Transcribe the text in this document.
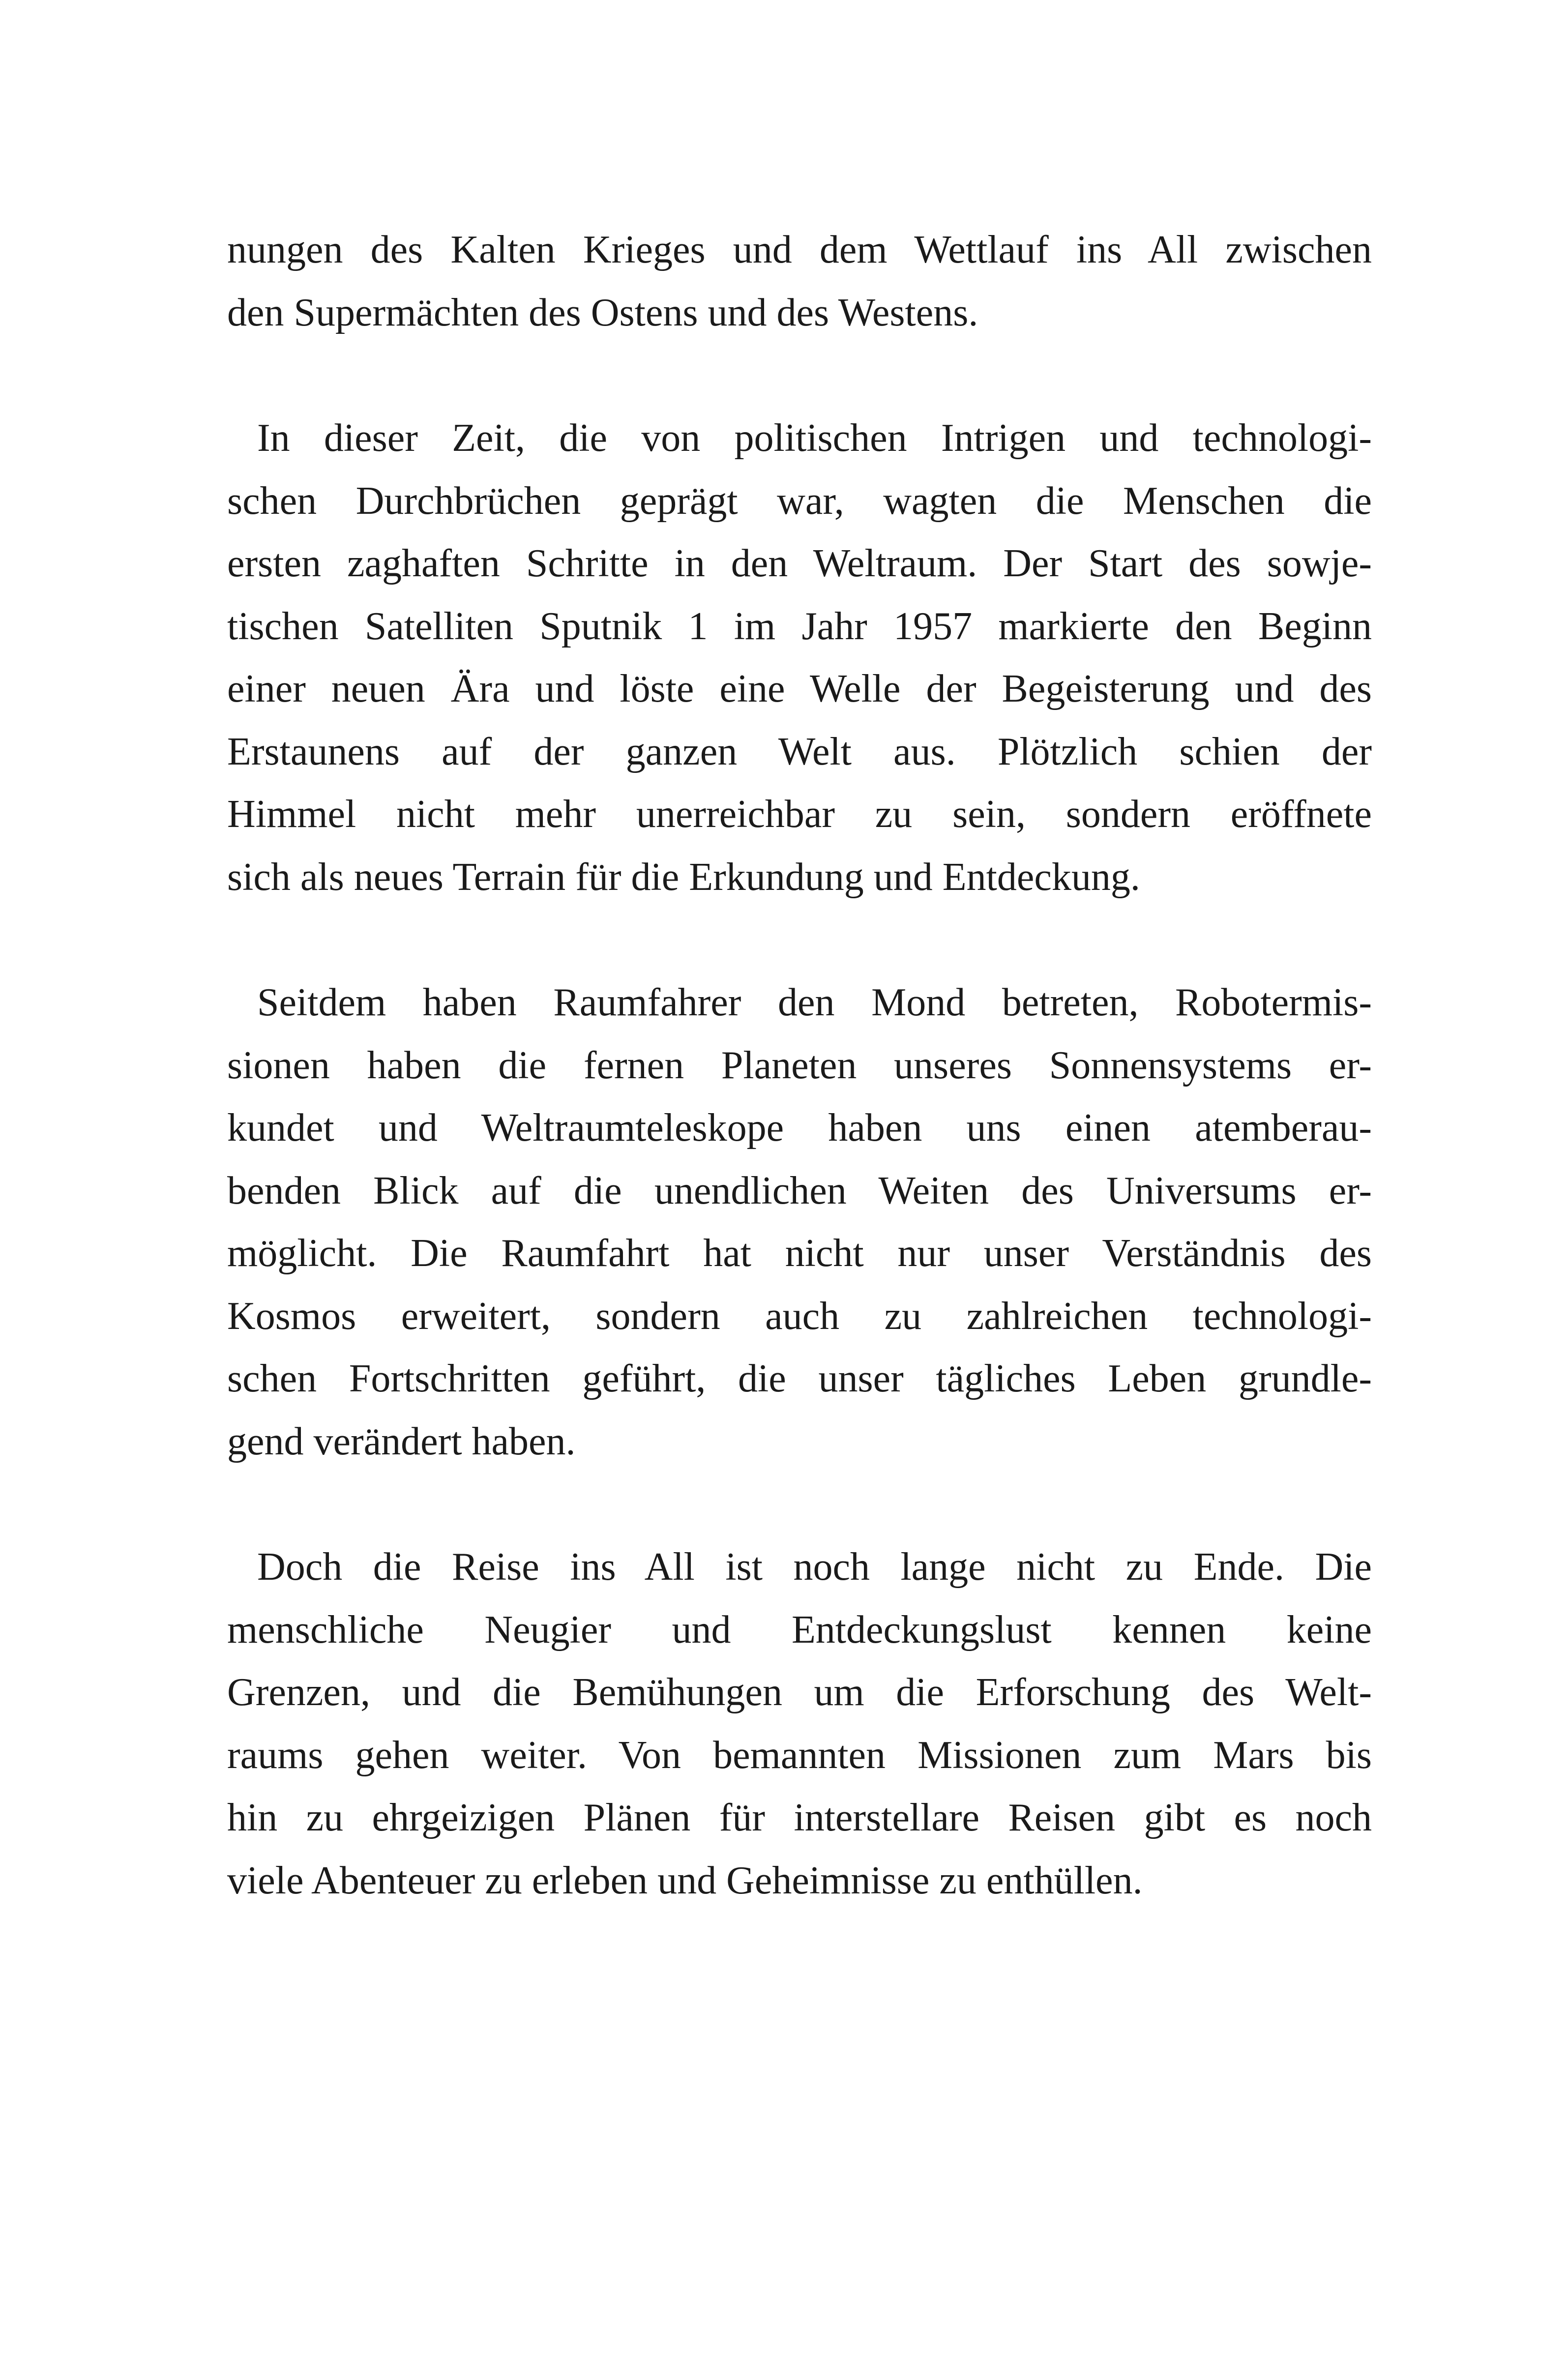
nungen des Kalten Krieges und dem Wettlauf ins All zwischen
den Supermächten des Ostens und des Westens.

In dieser Zeit, die von politischen Intrigen und technologi-
schen Durchbrüchen geprägt war, wagten die Menschen die
ersten zaghaften Schritte in den Weltraum. Der Start des sowje-
tischen Satelliten Sputnik 1 im Jahr 1957 markierte den Beginn
einer neuen Ära und löste eine Welle der Begeisterung und des
Erstaunens auf der ganzen Welt aus. Plötzlich schien der
Himmel nicht mehr unerreichbar zu sein, sondern eröffnete
sich als neues Terrain für die Erkundung und Entdeckung.

Seitdem haben Raumfahrer den Mond betreten, Robotermis-
sionen haben die fernen Planeten unseres Sonnensystems er-
kundet und Weltraumteleskope haben uns einen atemberau-
benden Blick auf die unendlichen Weiten des Universums er-
möglicht. Die Raumfahrt hat nicht nur unser Verständnis des
Kosmos erweitert, sondern auch zu zahlreichen technologi-
schen Fortschritten geführt, die unser tägliches Leben grundle-
gend verändert haben.

Doch die Reise ins All ist noch lange nicht zu Ende. Die
menschliche Neugier und Entdeckungslust kennen keine
Grenzen, und die Bemühungen um die Erforschung des Welt-
raums gehen weiter. Von bemannten Missionen zum Mars bis
hin zu ehrgeizigen Plänen für interstellare Reisen gibt es noch
viele Abenteuer zu erleben und Geheimnisse zu enthüllen.
